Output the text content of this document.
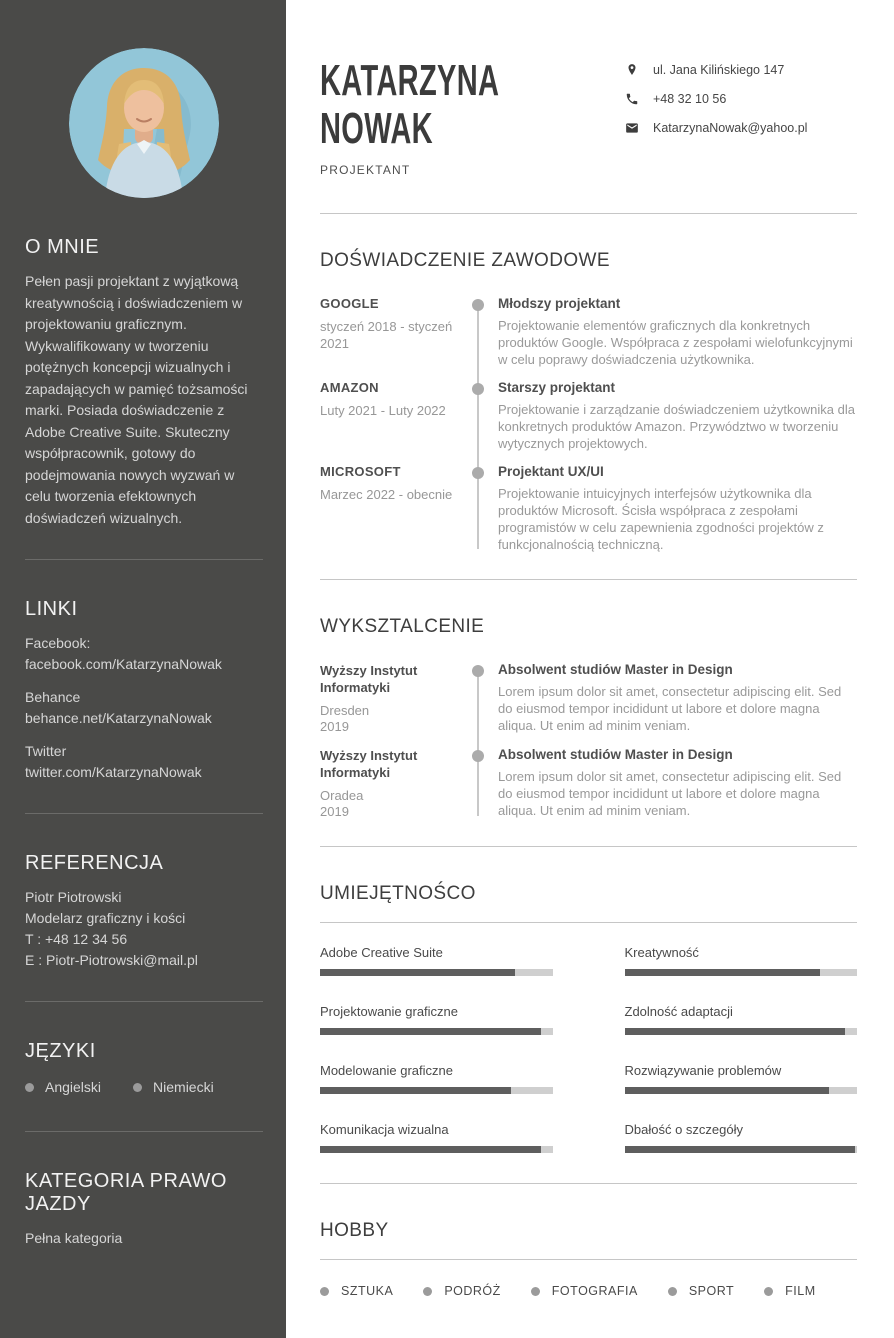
O MNIE

Pełen pasji projektant z wyjątkową kreatywnością i doświadczeniem w projektowaniu graficznym. Wykwalifikowany w tworzeniu potężnych koncepcji wizualnych i zapadających w pamięć tożsamości marki. Posiada doświadczenie z Adobe Creative Suite. Skuteczny współpracownik, gotowy do podejmowania nowych wyzwań w celu tworzenia efektownych doświadczeń wizualnych.

LINKI
Facebook:
facebook.com/KatarzynaNowak
Behance
behance.net/KatarzynaNowak
Twitter
twitter.com/KatarzynaNowak
REFERENCJA
Piotr Piotrowski
Modelarz graficzny i kości
T : +48 12 34 56
E : Piotr-Piotrowski@mail.pl
JĘZYKI
Angielski	Niemiecki
KATEGORIA PRAWO JAZDY

Pełna kategoria

KATARZYNA
NOWAK
PROJEKTANT
ul. Jana Kilińskiego 147
+48 32 10 56
KatarzynaNowak@yahoo.pl
DOŚWIADCZENIE ZAWODOWE
GOOGLE
styczeń 2018 - styczeń 2021
Młodszy projektant
Projektowanie elementów graficznych dla konkretnych produktów Google. Współpraca z zespołami wielofunkcyjnymi w celu poprawy doświadczenia użytkownika.
AMAZON
Luty 2021 - Luty 2022
Starszy projektant
Projektowanie i zarządzanie doświadczeniem użytkownika dla konkretnych produktów Amazon. Przywództwo w tworzeniu wytycznych projektowych.
MICROSOFT
Marzec 2022 - obecnie
Projektant UX/UI
Projektowanie intuicyjnych interfejsów użytkownika dla produktów Microsoft. Ścisła współpraca z zespołami programistów w celu zapewnienia zgodności projektów z funkcjonalnością techniczną.
WYKSZTALCENIE
Wyższy Instytut Informatyki
Dresden
2019
Absolwent studiów Master in Design
Lorem ipsum dolor sit amet, consectetur adipiscing elit. Sed do eiusmod tempor incididunt ut labore et dolore magna aliqua. Ut enim ad minim veniam.
Wyższy Instytut Informatyki
Oradea
2019
Absolwent studiów Master in Design
Lorem ipsum dolor sit amet, consectetur adipiscing elit. Sed do eiusmod tempor incididunt ut labore et dolore magna aliqua. Ut enim ad minim veniam.
UMIEJĘTNOŚCO
Adobe Creative Suite	Kreatywność
Projektowanie graficzne	Zdolność adaptacji
Modelowanie graficzne	Rozwiązywanie problemów
Komunikacja wizualna	Dbałość o szczegóły
HOBBY
SZTUKA	PODRÓŻ	FOTOGRAFIA	SPORT	FILM
